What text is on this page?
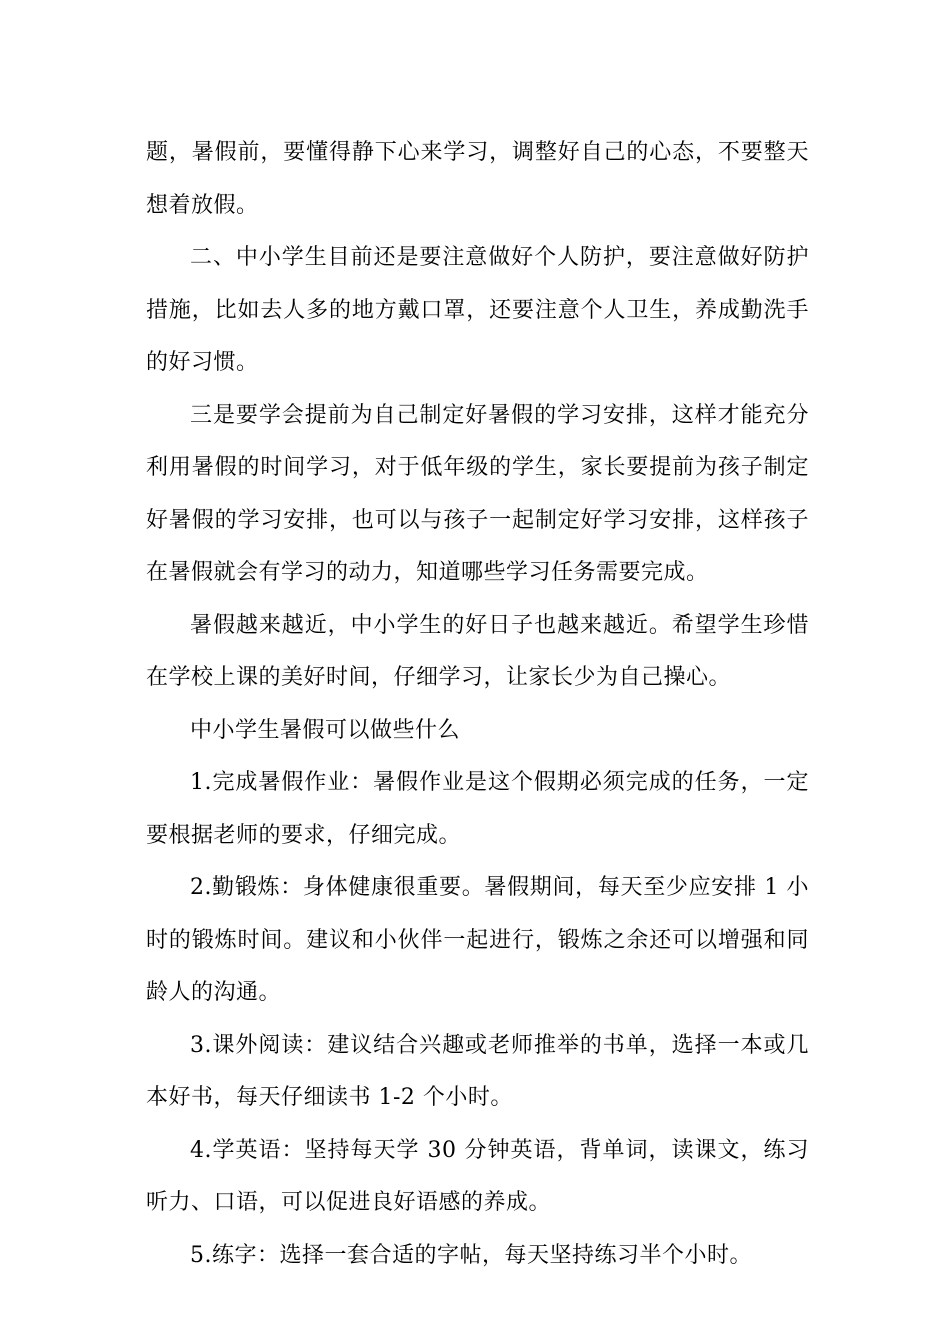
题，暑假前，要懂得静下心来学习，调整好自己的心态，不要整天想着放假。

二、中小学生目前还是要注意做好个人防护，要注意做好防护措施，比如去人多的地方戴口罩，还要注意个人卫生，养成勤洗手的好习惯。

三是要学会提前为自己制定好暑假的学习安排，这样才能充分利用暑假的时间学习，对于低年级的学生，家长要提前为孩子制定好暑假的学习安排，也可以与孩子一起制定好学习安排，这样孩子在暑假就会有学习的动力，知道哪些学习任务需要完成。

暑假越来越近，中小学生的好日子也越来越近。希望学生珍惜在学校上课的美好时间，仔细学习，让家长少为自己操心。

中小学生暑假可以做些什么

1.完成暑假作业：暑假作业是这个假期必须完成的任务，一定要根据老师的要求，仔细完成。

2.勤锻炼：身体健康很重要。暑假期间，每天至少应安排 1 小时的锻炼时间。建议和小伙伴一起进行，锻炼之余还可以增强和同龄人的沟通。

3.课外阅读：建议结合兴趣或老师推举的书单，选择一本或几本好书，每天仔细读书 1-2 个小时。

4.学英语：坚持每天学 30 分钟英语，背单词，读课文，练习听力、口语，可以促进良好语感的养成。

5.练字：选择一套合适的字帖，每天坚持练习半个小时。
